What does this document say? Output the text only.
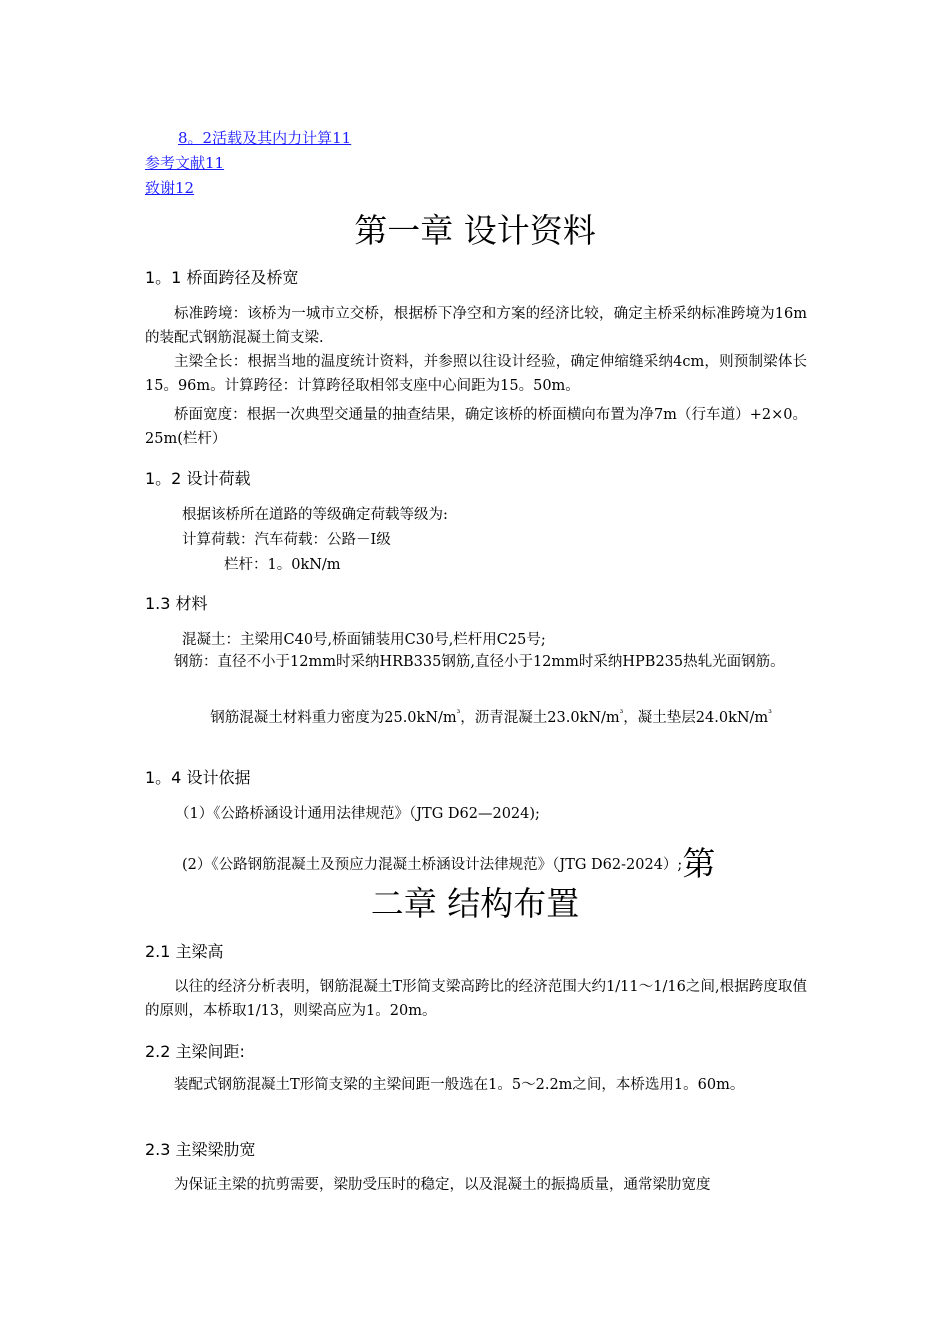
8。2活载及其内力计算11
参考文献11
致谢12
第一章 设计资料
1。1 桥面跨径及桥宽
标准跨境：该桥为一城市立交桥，根据桥下净空和方案的经济比较，确定主桥采纳标准跨境为16m的装配式钢筋混凝土简支梁.
主梁全长：根据当地的温度统计资料，并参照以往设计经验，确定伸缩缝采纳4cm，则预制梁体长15。96m。计算跨径：计算跨径取相邻支座中心间距为15。50m。
桥面宽度：根据一次典型交通量的抽查结果，确定该桥的桥面横向布置为净7m（行车道）+2×0。25m(栏杆）
1。2 设计荷载
根据该桥所在道路的等级确定荷载等级为:
计算荷载：汽车荷载：公路－Ⅰ级
栏杆：1。0kN/m
1.3 材料
混凝土：主梁用C40号,桥面铺装用C30号,栏杆用C25号;
钢筋：直径不小于12mm时采纳HRB335钢筋,直径小于12mm时采纳HPB235热轧光面钢筋。
钢筋混凝土材料重力密度为$25.0kN/m^{^3}$，沥青混凝土$23.0kN/m^{^3}$，凝土垫层$24.0kN/m^{^3}$
1。4 设计依据
（1）《公路桥涵设计通用法律规范》（JTG D62—2024);
(2）《公路钢筋混凝土及预应力混凝土桥涵设计法律规范》（JTG D62-2024）;第
二章 结构布置
2.1 主梁高
以往的经济分析表明，钢筋混凝土T形简支梁高跨比的经济范围大约1/11～1/16之间,根据跨度取值的原则，本桥取1/13，则梁高应为1。20m。
2.2 主梁间距:
装配式钢筋混凝土T形简支梁的主梁间距一般选在1。5～2.2m之间，本桥选用1。60m。
2.3 主梁梁肋宽
为保证主梁的抗剪需要，梁肋受压时的稳定，以及混凝土的振捣质量，通常梁肋宽度
